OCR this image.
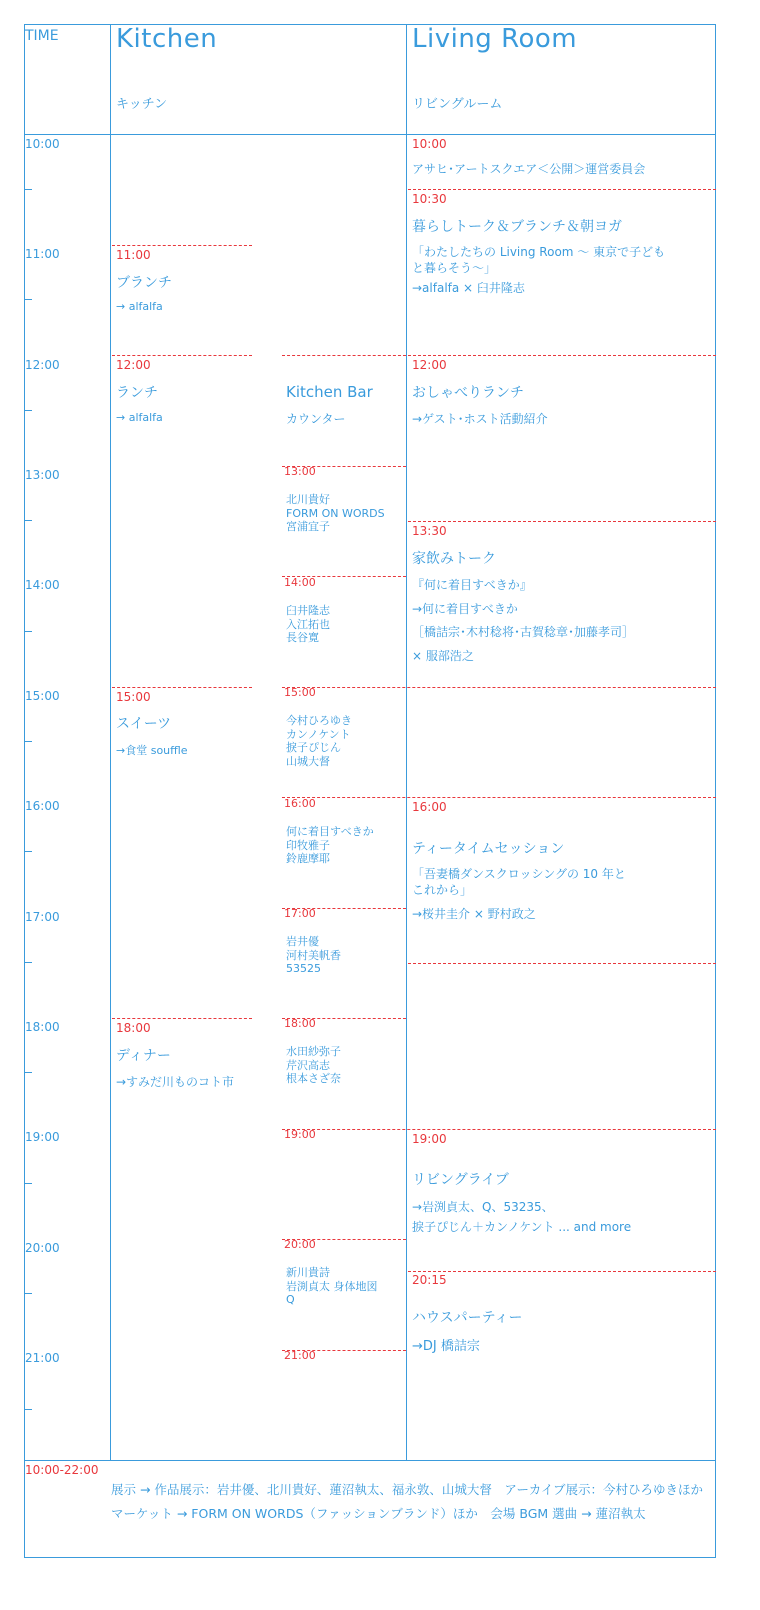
TIME Kitchen
キッチン
Living Room
リビングルーム
10:00
11:00
12:00
13:00
14:00
15:00
16:00
17:00
18:00
19:00
20:00
21:00
11:00
ブランチ
→ alfalfa
12:00
ランチ
→ alfalfa
15:00
スイーツ
→食堂 souffle
18:00
ディナー
→すみだ川ものコト市
Kitchen Bar
カウンター
13:00
北川貴好
FORM ON WORDS
宮浦宜子
14:00
臼井隆志
入江拓也
長谷寛
15:00
今村ひろゆき
カンノケント
捩子ぴじん
山城大督
16:00
何に着目すべきか
印牧雅子
鈴鹿摩耶
17:00
岩井優
河村美帆香
53525
18:00
水田紗弥子
芹沢高志
根本さざ奈
19:00
20:00
新川貴詩
岩渕貞太 身体地図
Q
21:00
10:00
アサヒ･アートスクエア＜公開＞運営委員会
10:30
暮らしトーク＆ブランチ＆朝ヨガ
「わたしたちの Living Room 〜 東京で子ども
と暮らそう〜」
→alfalfa × 臼井隆志
12:00
おしゃべりランチ
→ゲスト･ホスト活動紹介
13:30
家飲みトーク
『何に着目すべきか』
→何に着目すべきか
［橋詰宗･木村稔将･古賀稔章･加藤孝司］
× 服部浩之
16:00
ティータイムセッション
「吾妻橋ダンスクロッシングの 10 年と
これから」
→桜井圭介 × 野村政之
19:00
リビングライブ
→岩渕貞太、Q、53235、
捩子ぴじん＋カンノケント ... and more
20:15
ハウスパーティー
→DJ 橋詰宗
10:00-22:00
展示 → 作品展示：岩井優、北川貴好、蓮沼執太、福永敦、山城大督　アーカイブ展示：今村ひろゆきほか
マーケット → FORM ON WORDS（ファッションブランド）ほか　会場 BGM 選曲 → 蓮沼執太
